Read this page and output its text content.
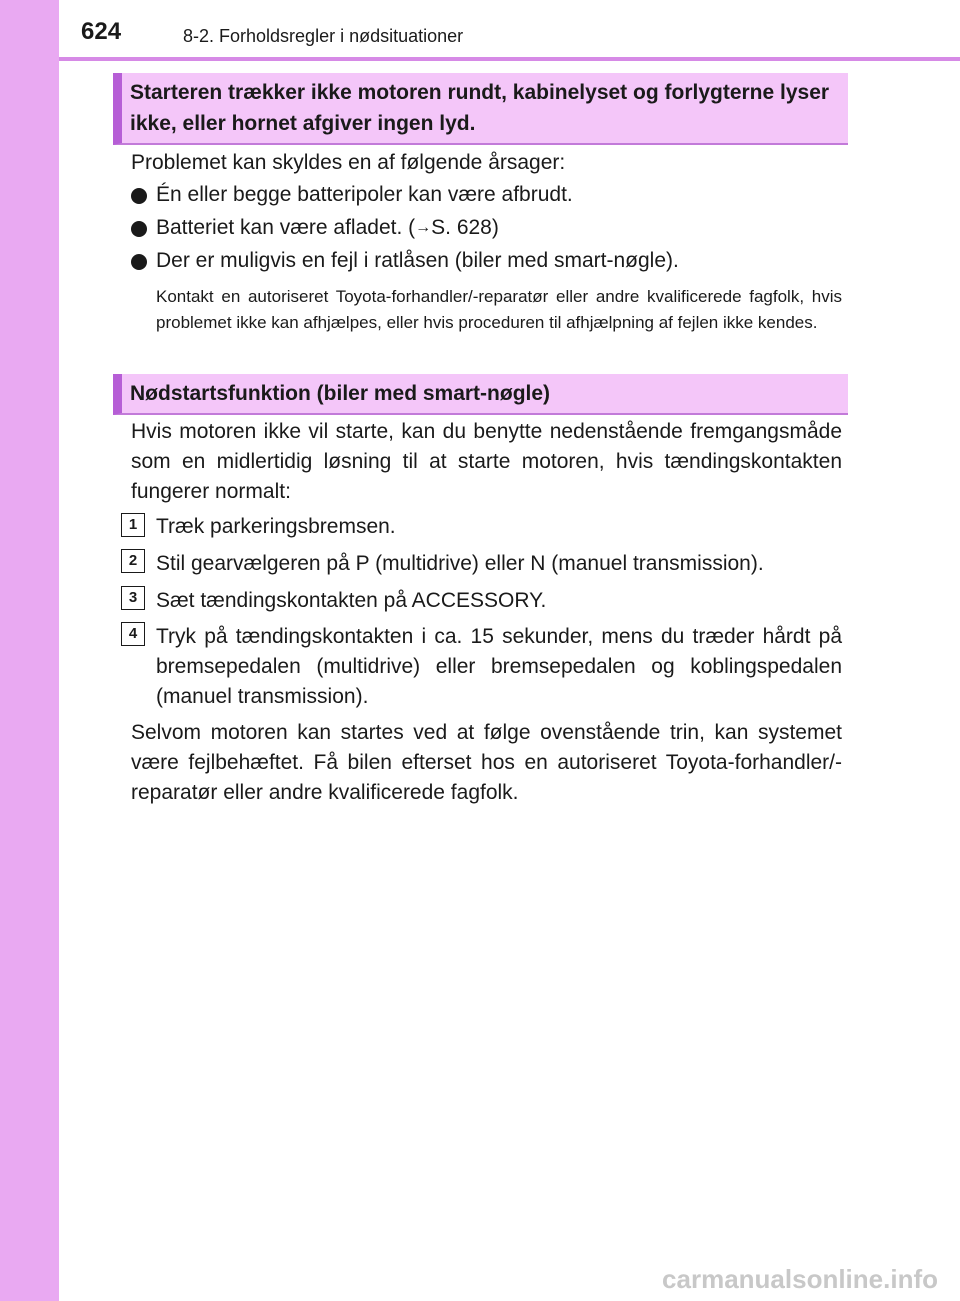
624	8-2. Forholdsregler i nødsituationer
Starteren trækker ikke motoren rundt, kabinelyset og forlygterne lyser ikke, eller hornet afgiver ingen lyd.
Problemet kan skyldes en af følgende årsager:
Én eller begge batteripoler kan være afbrudt.
Batteriet kan være afladet. (→S. 628)
Der er muligvis en fejl i ratlåsen (biler med smart-nøgle).
Kontakt en autoriseret Toyota-forhandler/-reparatør eller andre kvalificerede fagfolk, hvis problemet ikke kan afhjælpes, eller hvis proceduren til afhjælpning af fejlen ikke kendes.
Nødstartsfunktion (biler med smart-nøgle)
Hvis motoren ikke vil starte, kan du benytte nedenstående fremgangsmåde som en midlertidig løsning til at starte motoren, hvis tændingskontakten fungerer normalt:
1 Træk parkeringsbremsen.
2 Stil gearvælgeren på P (multidrive) eller N (manuel transmission).
3 Sæt tændingskontakten på ACCESSORY.
4 Tryk på tændingskontakten i ca. 15 sekunder, mens du træder hårdt på bremsepedalen (multidrive) eller bremsepedalen og koblingspedalen (manuel transmission).
Selvom motoren kan startes ved at følge ovenstående trin, kan systemet være fejlbehæftet. Få bilen efterset hos en autoriseret Toyota-forhandler/-reparatør eller andre kvalificerede fagfolk.
carmanualsonline.info
